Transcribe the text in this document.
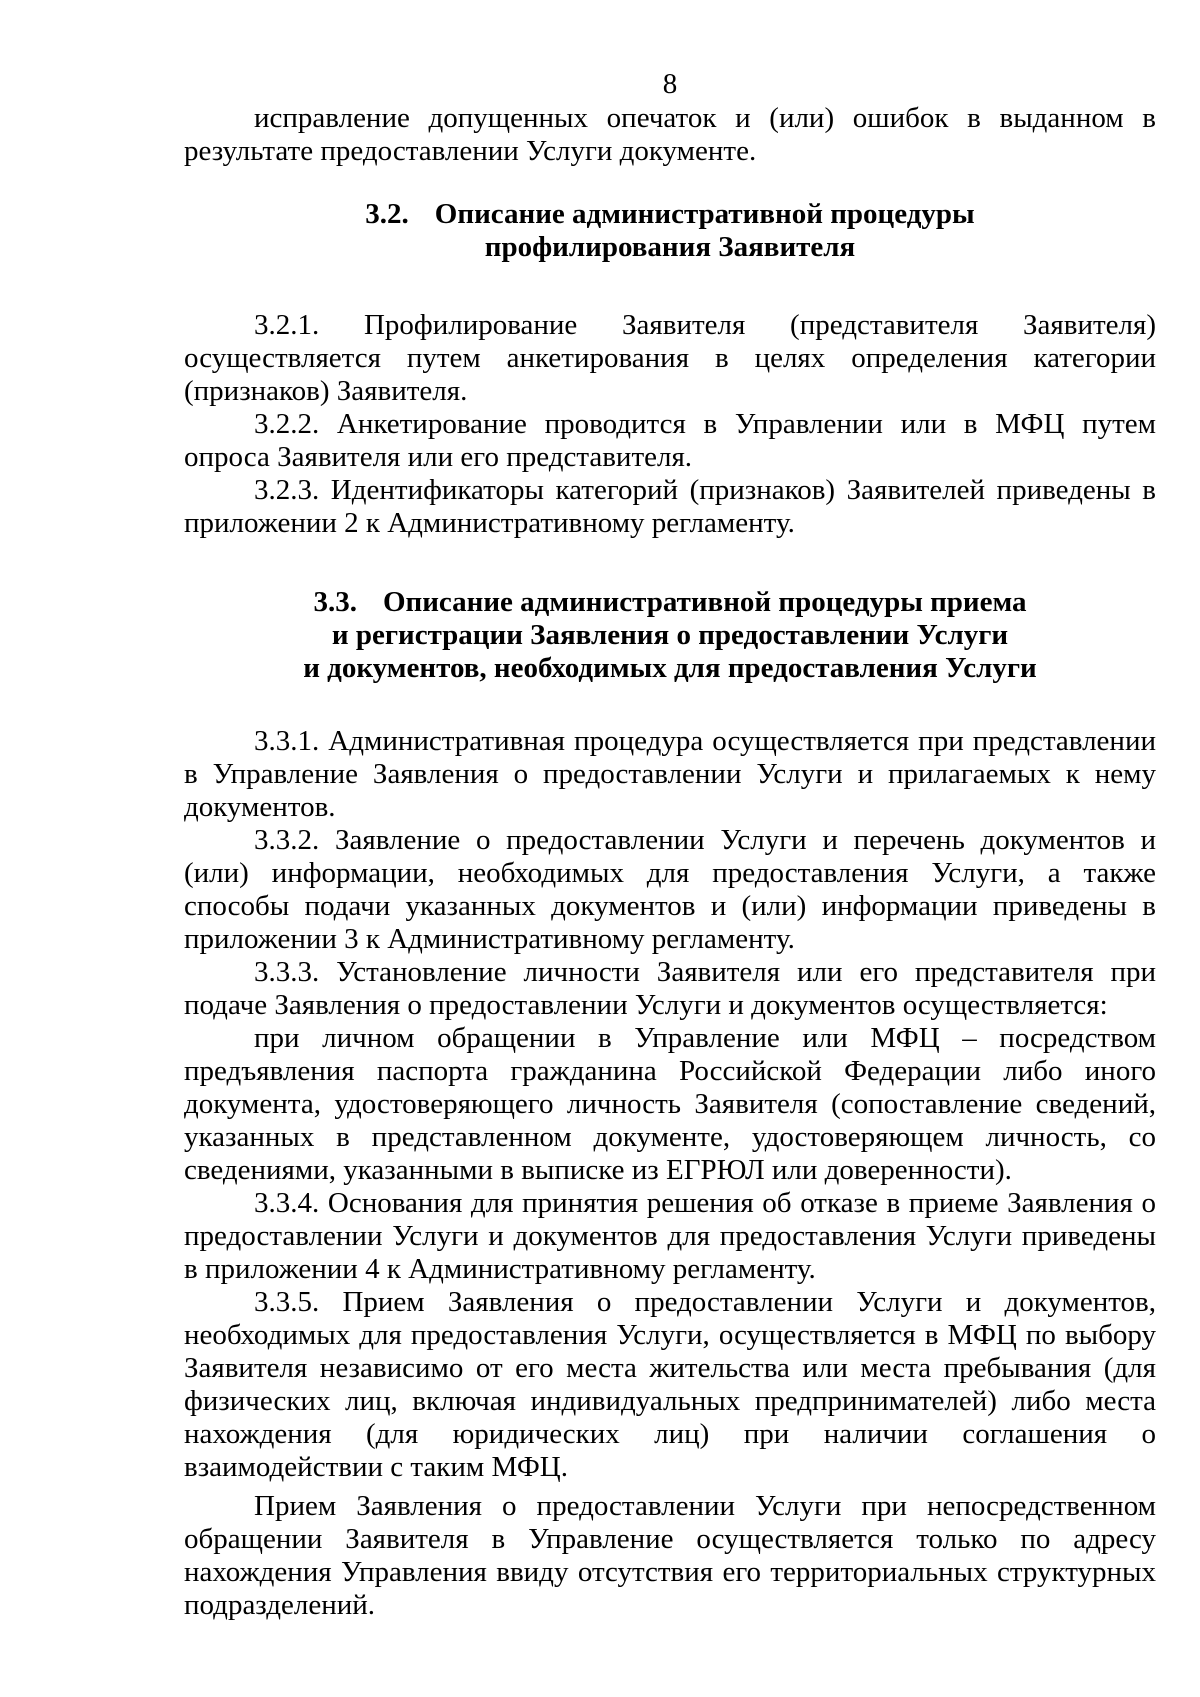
8

исправление допущенных опечаток и (или) ошибок в выданном в результате предоставлении Услуги документе.

3.2. Описание административной процедуры
профилирования Заявителя

3.2.1. Профилирование Заявителя (представителя Заявителя) осуществляется путем анкетирования в целях определения категории (признаков) Заявителя.

3.2.2. Анкетирование проводится в Управлении или в МФЦ путем опроса Заявителя или его представителя.

3.2.3. Идентификаторы категорий (признаков) Заявителей приведены в приложении 2 к Административному регламенту.

3.3. Описание административной процедуры приема
и регистрации Заявления о предоставлении Услуги
и документов, необходимых для предоставления Услуги

3.3.1. Административная процедура осуществляется при представлении в Управление Заявления о предоставлении Услуги и прилагаемых к нему документов.

3.3.2. Заявление о предоставлении Услуги и перечень документов и (или) информации, необходимых для предоставления Услуги, а также способы подачи указанных документов и (или) информации приведены в приложении 3 к Административному регламенту.

3.3.3. Установление личности Заявителя или его представителя при подаче Заявления о предоставлении Услуги и документов осуществляется:

при личном обращении в Управление или МФЦ – посредством предъявления паспорта гражданина Российской Федерации либо иного документа, удостоверяющего личность Заявителя (сопоставление сведений, указанных в представленном документе, удостоверяющем личность, со сведениями, указанными в выписке из ЕГРЮЛ или доверенности).

3.3.4. Основания для принятия решения об отказе в приеме Заявления о предоставлении Услуги и документов для предоставления Услуги приведены в приложении 4 к Административному регламенту.

3.3.5. Прием Заявления о предоставлении Услуги и документов, необходимых для предоставления Услуги, осуществляется в МФЦ по выбору Заявителя независимо от его места жительства или места пребывания (для физических лиц, включая индивидуальных предпринимателей) либо места нахождения (для юридических лиц) при наличии соглашения о взаимодействии с таким МФЦ.

Прием Заявления о предоставлении Услуги при непосредственном обращении Заявителя в Управление осуществляется только по адресу нахождения Управления ввиду отсутствия его территориальных структурных подразделений.
